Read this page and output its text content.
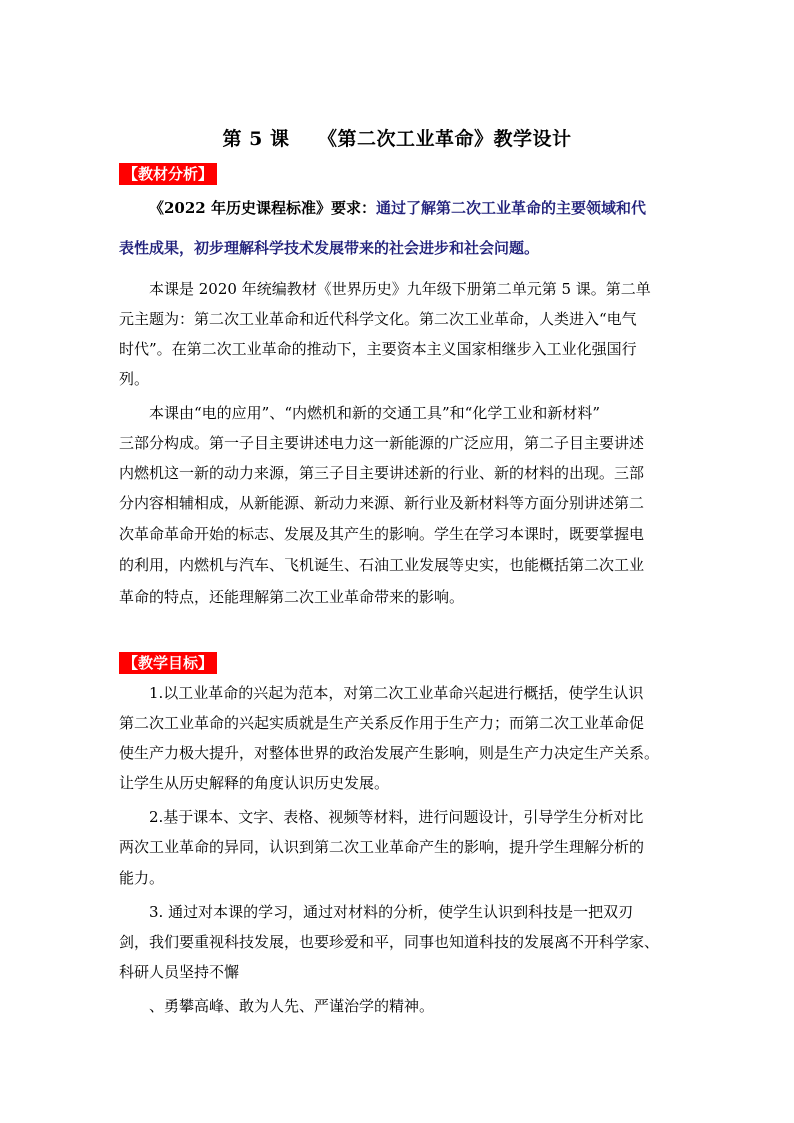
第 5 课    《第二次工业革命》教学设计
【教材分析】
《2022 年历史课程标准》要求：通过了解第二次工业革命的主要领域和代
表性成果，初步理解科学技术发展带来的社会进步和社会问题。
本课是 2020 年统编教材《世界历史》九年级下册第二单元第 5 课。第二单
元主题为：第二次工业革命和近代科学文化。第二次工业革命，人类进入“电气
时代”。在第二次工业革命的推动下，主要资本主义国家相继步入工业化强国行
列。
本课由“电的应用”、“内燃机和新的交通工具”和“化学工业和新材料”
三部分构成。第一子目主要讲述电力这一新能源的广泛应用，第二子目主要讲述
内燃机这一新的动力来源，第三子目主要讲述新的行业、新的材料的出现。三部
分内容相辅相成，从新能源、新动力来源、新行业及新材料等方面分别讲述第二
次革命革命开始的标志、发展及其产生的影响。学生在学习本课时，既要掌握电
的利用，内燃机与汽车、飞机诞生、石油工业发展等史实，也能概括第二次工业
革命的特点，还能理解第二次工业革命带来的影响。
【教学目标】
1.以工业革命的兴起为范本，对第二次工业革命兴起进行概括，使学生认识
第二次工业革命的兴起实质就是生产关系反作用于生产力；而第二次工业革命促
使生产力极大提升，对整体世界的政治发展产生影响，则是生产力决定生产关系。
让学生从历史解释的角度认识历史发展。
2.基于课本、文字、表格、视频等材料，进行问题设计，引导学生分析对比
两次工业革命的异同，认识到第二次工业革命产生的影响，提升学生理解分析的
能力。
3. 通过对本课的学习，通过对材料的分析，使学生认识到科技是一把双刃
剑，我们要重视科技发展，也要珍爱和平，同事也知道科技的发展离不开科学家、
科研人员坚持不懈
、勇攀高峰、敢为人先、严谨治学的精神。
